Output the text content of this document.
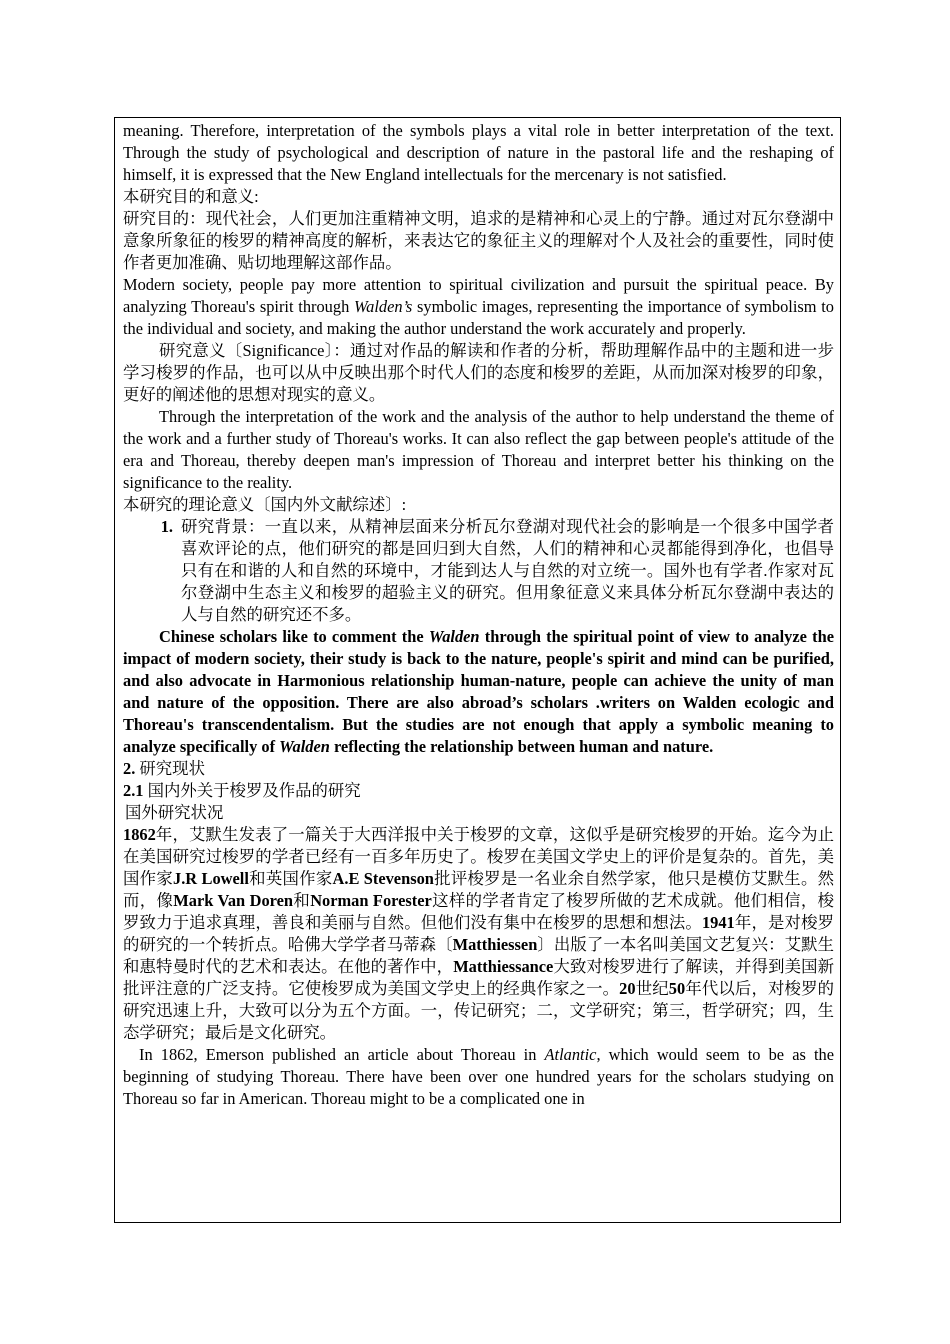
meaning. Therefore, interpretation of the symbols plays a vital role in better interpretation of the text. Through the study of psychological and description of nature in the pastoral life and the reshaping of himself, it is expressed that the New England intellectuals for the mercenary is not satisfied.

本研究目的和意义:

研究目的：现代社会，人们更加注重精神文明，追求的是精神和心灵上的宁静。通过对瓦尔登湖中意象所象征的梭罗的精神高度的解析，来表达它的象征主义的理解对个人及社会的重要性，同时使作者更加准确、贴切地理解这部作品。

Modern society, people pay more attention to spiritual civilization and pursuit the spiritual peace. By analyzing Thoreau's spirit through Walden’s symbolic images, representing the importance of symbolism to the individual and society, and making the author understand the work accurately and properly.

研究意义〔Significance〕：通过对作品的解读和作者的分析，帮助理解作品中的主题和进一步学习梭罗的作品，也可以从中反映出那个时代人们的态度和梭罗的差距，从而加深对梭罗的印象，更好的阐述他的思想对现实的意义。

Through the interpretation of the work and the analysis of the author to help understand the theme of the work and a further study of Thoreau's works. It can also reflect the gap between people's attitude of the era and Thoreau, thereby deepen man's impression of Thoreau and interpret better his thinking on the significance to the reality.

本研究的理论意义〔国内外文献综述〕:

1. 研究背景：一直以来，从精神层面来分析瓦尔登湖对现代社会的影响是一个很多中国学者喜欢评论的点，他们研究的都是回归到大自然，人们的精神和心灵都能得到净化，也倡导只有在和谐的人和自然的环境中，才能到达人与自然的对立统一。国外也有学者.作家对瓦尔登湖中生态主义和梭罗的超验主义的研究。但用象征意义来具体分析瓦尔登湖中表达的人与自然的研究还不多。

Chinese scholars like to comment the Walden through the spiritual point of view to analyze the impact of modern society, their study is back to the nature, people's spirit and mind can be purified, and also advocate in Harmonious relationship human-nature, people can achieve the unity of man and nature of the opposition. There are also abroad’s scholars .writers on Walden ecologic and Thoreau's transcendentalism. But the studies are not enough that apply a symbolic meaning to analyze specifically of Walden reflecting the relationship between human and nature.

2. 研究现状

2.1 国内外关于梭罗及作品的研究

国外研究状况

1862年，艾默生发表了一篇关于大西洋报中关于梭罗的文章，这似乎是研究梭罗的开始。迄今为止在美国研究过梭罗的学者已经有一百多年历史了。梭罗在美国文学史上的评价是复杂的。首先，美国作家J.R Lowell和英国作家A.E Stevenson批评梭罗是一名业余自然学家，他只是模仿艾默生。然而，像Mark Van Doren和Norman Forester这样的学者肯定了梭罗所做的艺术成就。他们相信，梭罗致力于追求真理，善良和美丽与自然。但他们没有集中在梭罗的思想和想法。1941年，是对梭罗的研究的一个转折点。哈佛大学学者马蒂森〔Matthiessen〕出版了一本名叫美国文艺复兴：艾默生和惠特曼时代的艺术和表达。在他的著作中，Matthiessance大致对梭罗进行了解读，并得到美国新批评注意的广泛支持。它使梭罗成为美国文学史上的经典作家之一。20世纪50年代以后，对梭罗的研究迅速上升，大致可以分为五个方面。一，传记研究；二，文学研究；第三，哲学研究；四，生态学研究；最后是文化研究。

In 1862, Emerson published an article about Thoreau in Atlantic, which would seem to be as the beginning of studying Thoreau. There have been over one hundred years for the scholars studying on Thoreau so far in American. Thoreau might to be a complicated one in
